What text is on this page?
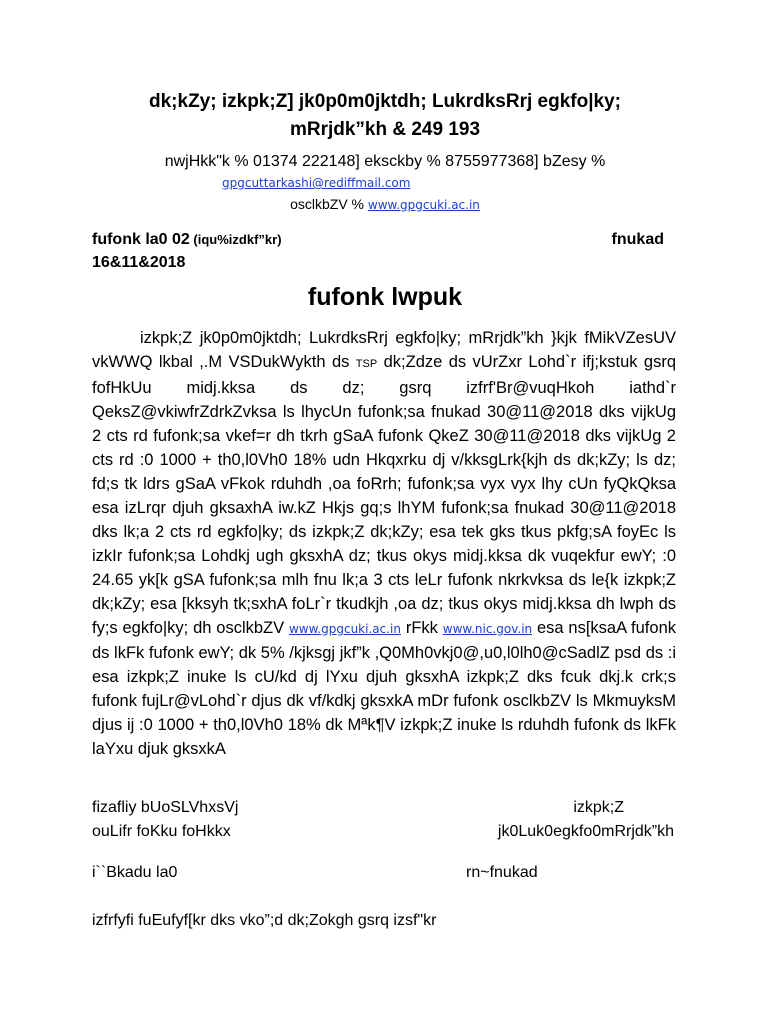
dk;kZy; izkpk;Z] jk0p0m0jktdh; LukrdksRrj egkfo|ky;
mRrjdk”kh & 249 193
nwjHkk"k % 01374 222148] eksckby % 8755977368] bZesy %
gpgcuttarkashi@rediffmail.com
osclkbZV % www.gpgcuki.ac.in
fufonk la0 02 (iqu%izdkf”kr)	fnukad
16&11&2018
fufonk lwpuk
izkpk;Z jk0p0m0jktdh; LukrdksRrj egkfo|ky; mRrjdk”kh }kjk fMikVZesUV vkWWQ lkbal ,.M VSDukWykth ds TSP dk;Zdze ds vUrZxr Lohd`r ifj;kstuk gsrq fofHkUu midj.kksa ds dz; gsrq izfrf'Br@vuqHkoh iathd`r QeksZ@vkiwfrZdrkZvksa ls lhycUn fufonk;sa fnukad 30@11@2018 dks vijkUg 2 cts rd fufonk;sa vkef=r dh tkrh gSaA fufonk QkeZ 30@11@2018 dks vijkUg 2 cts rd :0 1000 + th0,l0Vh0 18% udn Hkqxrku dj v/kksgLrk{kjh ds dk;kZy; ls dz; fd;s tk ldrs gSaA vFkok rduhdh ,oa foRrh; fufonk;sa vyx vyx lhy cUn fyQkQksa esa izLrqr djuh gksaxhA iw.kZ Hkjs gq;s lhYM fufonk;sa fnukad 30@11@2018 dks lk;a 2 cts rd egkfo|ky; ds izkpk;Z dk;kZy; esa tek gks tkus pkfg;sA foyEc ls izkIr fufonk;sa Lohdkj ugh gksxhA dz; tkus okys midj.kksa dk vuqekfur ewY; :0 24.65 yk[k gSA fufonk;sa mlh fnu lk;a 3 cts leLr fufonk nkrkvksa ds le{k izkpk;Z dk;kZy; esa [kksyh tk;sxhA foLr`r tkudkjh ,oa dz; tkus okys midj.kksa dh lwph ds fy;s egkfo|ky; dh osclkbZV www.gpgcuki.ac.in rFkk www.nic.gov.in esa ns[ksaA fufonk ds lkFk fufonk ewY; dk 5% /kjksgj jkf”k ,Q0Mh0vkj0@,u0,l0lh0@cSadlZ psd ds :i esa izkpk;Z inuke ls cU/kd dj lYxu djuh gksxhA izkpk;Z dks fcuk dkj.k crk;s fufonk fujLr@vLohd`r djus dk vf/kdkj gksxkA mDr fufonk osclkbZV ls MkmuyksM djus ij :0 1000 + th0,l0Vh0 18% dk Mªk¶V izkpk;Z inuke ls rduhdh fufonk ds lkFk laYxu djuk gksxkA
fizafliy bUoSLVhxsVj
ouLifr foKku foHkkx
izkpk;Z
jk0Luk0egkfo0mRrjdk”kh
i``Bkadu la0	rn~fnukad
izfrfyfi fuEufyf[kr dks vko”;d dk;Zokgh gsrq izsf"kr
